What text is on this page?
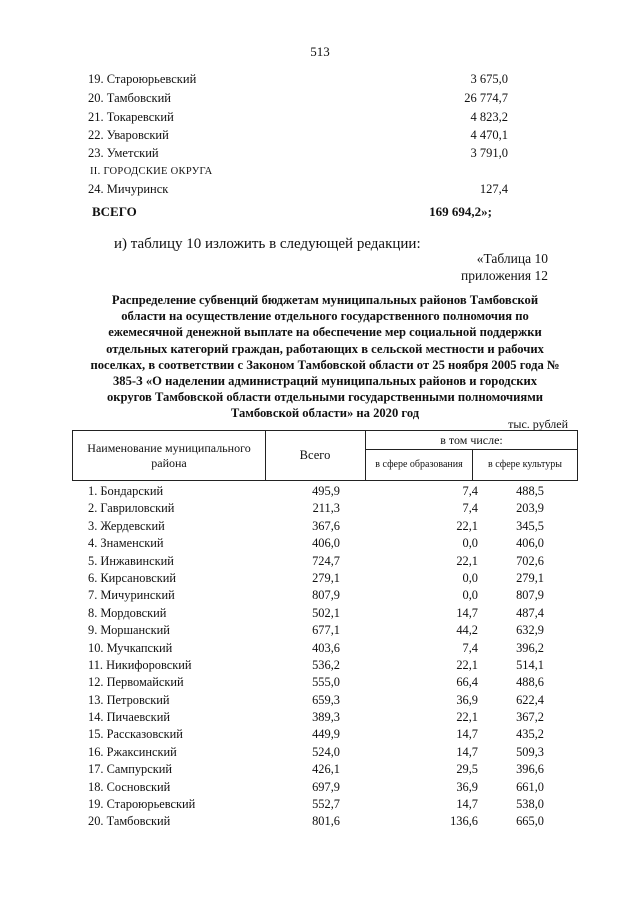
513
19. Староюрьевский	3 675,0
20. Тамбовский	26 774,7
21. Токаревский	4 823,2
22. Уваровский	4 470,1
23. Уметский	3 791,0
II. ГОРОДСКИЕ ОКРУГА
24. Мичуринск	127,4
ВСЕГО	169 694,2»;
и) таблицу 10 изложить в следующей редакции:
«Таблица 10
приложения 12
Распределение субвенций бюджетам муниципальных районов Тамбовской области на осуществление отдельного государственного полномочия по ежемесячной денежной выплате на обеспечение мер социальной поддержки отдельных категорий граждан, работающих в сельской местности и рабочих поселках, в соответствии с Законом Тамбовской области от 25 ноября 2005 года № 385-З «О наделении администраций муниципальных районов и городских округов Тамбовской области отдельными государственными полномочиями Тамбовской области» на 2020 год
тыс. рублей
Наименование муниципального района
Всего
в том числе:
в сфере образования	в сфере культуры
1. Бондарский	495,9	7,4	488,5
2. Гавриловский	211,3	7,4	203,9
3. Жердевский	367,6	22,1	345,5
4. Знаменский	406,0	0,0	406,0
5. Инжавинский	724,7	22,1	702,6
6. Кирсановский	279,1	0,0	279,1
7. Мичуринский	807,9	0,0	807,9
8. Мордовский	502,1	14,7	487,4
9. Моршанский	677,1	44,2	632,9
10. Мучкапский	403,6	7,4	396,2
11. Никифоровский	536,2	22,1	514,1
12. Первомайский	555,0	66,4	488,6
13. Петровский	659,3	36,9	622,4
14. Пичаевский	389,3	22,1	367,2
15. Рассказовский	449,9	14,7	435,2
16. Ржаксинский	524,0	14,7	509,3
17. Сампурский	426,1	29,5	396,6
18. Сосновский	697,9	36,9	661,0
19. Староюрьевский	552,7	14,7	538,0
20. Тамбовский	801,6	136,6	665,0
